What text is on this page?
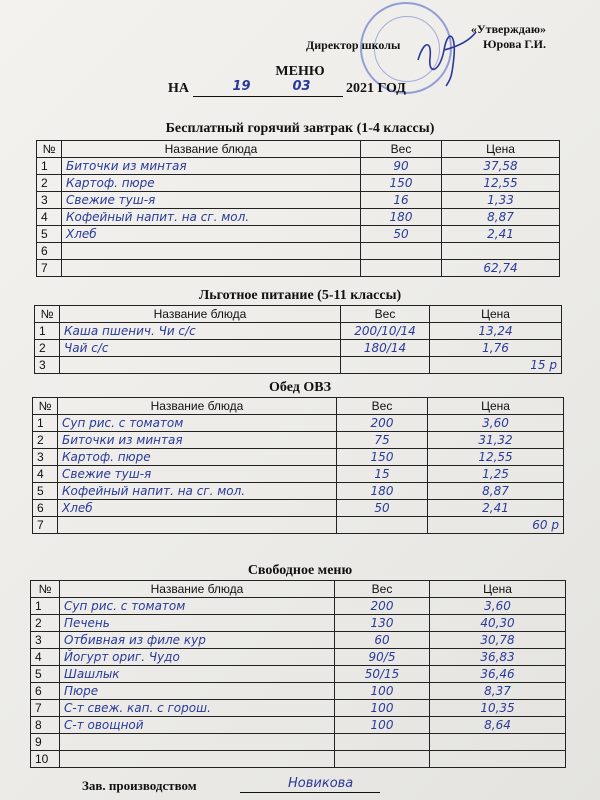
«Утверждаю»
Юрова Г.И.
Директор школы
МЕНЮ
НА	19	03	2021 ГОД
Бесплатный горячий завтрак (1-4 классы)
№	Название блюда	Вес	Цена
1	Биточки из минтая	90	37,58
2	Картоф. пюре	150	12,55
3	Свежие туш-я	16	1,33
4	Кофейный напит. на сг. мол.	180	8,87
5	Хлеб	50	2,41
6			
7			62,74
Льготное питание (5-11 классы)
№	Название блюда	Вес	Цена
1	Каша пшенич. Чи с/с	200/10/14	13,24
2	Чай с/с	180/14	1,76
3			15 р
Обед ОВЗ
№	Название блюда	Вес	Цена
1	Суп рис. с томатом	200	3,60
2	Биточки из минтая	75	31,32
3	Картоф. пюре	150	12,55
4	Свежие туш-я	15	1,25
5	Кофейный напит. на сг. мол.	180	8,87
6	Хлеб	50	2,41
7			60 р
Свободное меню
№	Название блюда	Вес	Цена
1	Суп рис. с томатом	200	3,60
2	Печень	130	40,30
3	Отбивная из филе кур	60	30,78
4	Йогурт ориг. Чудо	90/5	36,83
5	Шашлык	50/15	36,46
6	Пюре	100	8,37
7	С-т свеж. кап. с горош.	100	10,35
8	С-т овощной	100	8,64
9			
10			
Зав. производством	Новикова
